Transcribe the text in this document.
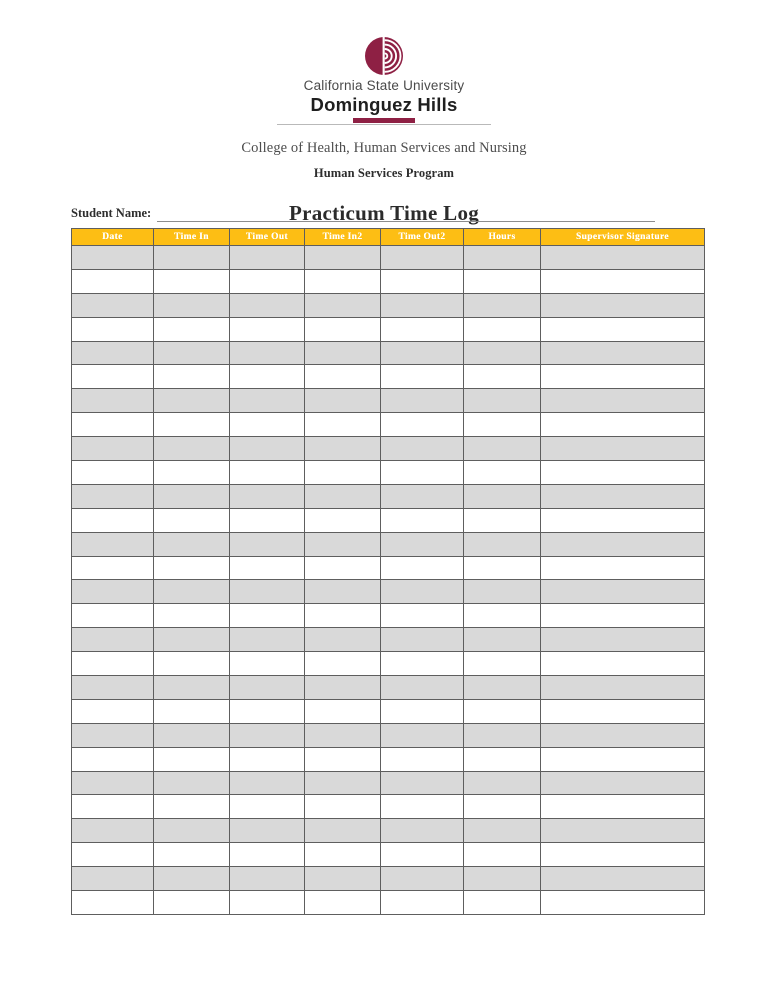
California State University
Dominguez Hills
College of Health, Human Services and Nursing
Human Services Program
Practicum Time Log
Student Name:
Date	Time In	Time Out	Time In2	Time Out2	Hours	Supervisor Signature
